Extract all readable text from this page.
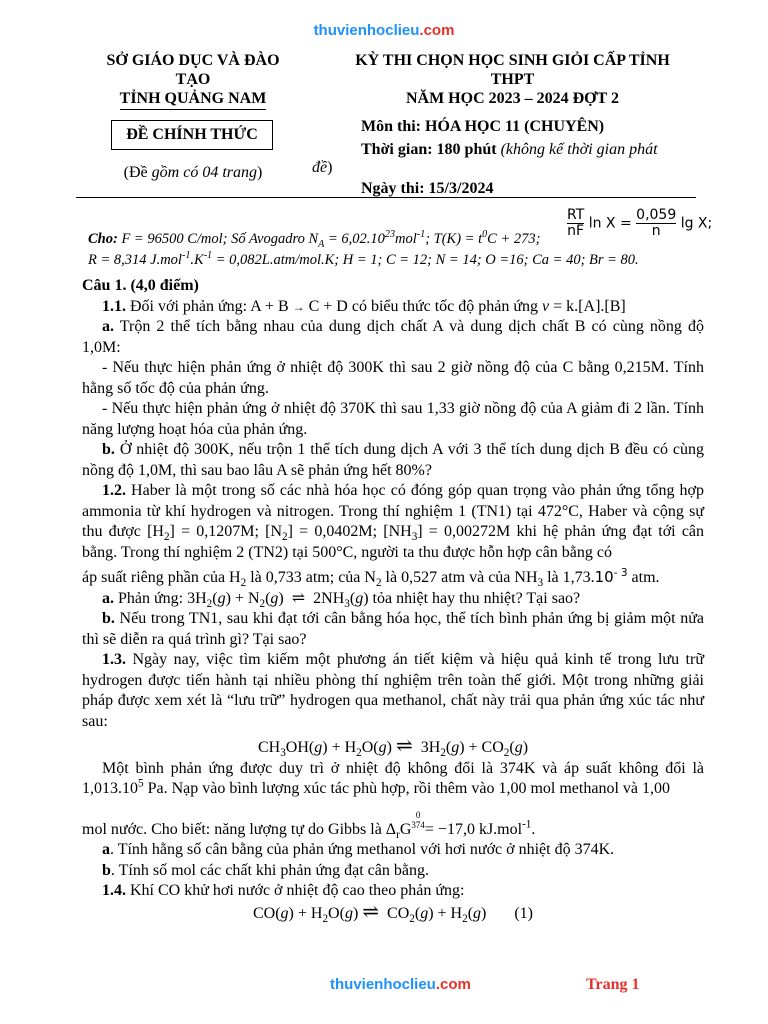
thuvienhoclieu.com
SỞ GIÁO DỤC VÀ ĐÀO
TẠO
TỈNH QUẢNG NAM
ĐỀ CHÍNH THỨC
(Đề gồm có 04 trang)
KỲ THI CHỌN HỌC SINH GIỎI CẤP TỈNH
THPT
NĂM HỌC 2023 – 2024 ĐỢT 2
Môn thi: HÓA HỌC 11 (CHUYÊN)
Thời gian: 180 phút (không kể thời gian phát
đề)
Ngày thi: 15/3/2024
$\frac{RT}{nF}$ $\ln X = \frac{0,059}{n}$ lg X;
Cho: F = 96500 C/mol; Số Avogadro $N_A = 6,02.10^{23}mol^{-1}$; $T(K) = t^0C + 273$;
R = 8,314 $J.mol^{-1}.K^{-1} = 0,082L.atm/mol.K$; H = 1; C = 12; N = 14; O =16; Ca = 40; Br = 80.

Câu 1. (4,0 điểm)

1.1. Đối với phản ứng: A + B → C + D có biểu thức tốc độ phản ứng v = k.[A].[B]

a. Trộn 2 thể tích bằng nhau của dung dịch chất A và dung dịch chất B có cùng nồng độ 1,0M:

- Nếu thực hiện phản ứng ở nhiệt độ 300K thì sau 2 giờ nồng độ của C bằng 0,215M. Tính hằng số tốc độ của phản ứng.

- Nếu thực hiện phản ứng ở nhiệt độ 370K thì sau 1,33 giờ nồng độ của A giảm đi 2 lần. Tính năng lượng hoạt hóa của phản ứng.

b. Ở nhiệt độ 300K, nếu trộn 1 thể tích dung dịch A với 3 thể tích dung dịch B đều có cùng nồng độ 1,0M, thì sau bao lâu A sẽ phản ứng hết 80%?

1.2. Haber là một trong số các nhà hóa học có đóng góp quan trọng vào phản ứng tổng hợp ammonia từ khí hydrogen và nitrogen. Trong thí nghiệm 1 (TN1) tại 472°C, Haber và cộng sự thu được $[H_2] = 0,1207M$; $[N_2] = 0,0402M$; $[NH_3] = 0,00272M$ khi hệ phản ứng đạt tới cân bằng. Trong thí nghiệm 2 (TN2) tại 500°C, người ta thu được hỗn hợp cân bằng có

áp suất riêng phần của $H_2$ là 0,733 atm; của $N_2$ là 0,527 atm và của $NH_3$ là $1,73.10^{- 3}$ atm.

a. Phản ứng: $3H_2(g) + N_2(g)$  ⇌  $2NH_3(g)$ tỏa nhiệt hay thu nhiệt? Tại sao?

b. Nếu trong TN1, sau khi đạt tới cân bằng hóa học, thể tích bình phản ứng bị giảm một nửa thì sẽ diễn ra quá trình gì? Tại sao?

1.3. Ngày nay, việc tìm kiếm một phương án tiết kiệm và hiệu quả kinh tế trong lưu trữ hydrogen được tiến hành tại nhiều phòng thí nghiệm trên toàn thế giới. Một trong những giải pháp được xem xét là “lưu trữ” hydrogen qua methanol, chất này trải qua phản ứng xúc tác như sau:

$CH_3OH(g) + H_2O(g)$ ⇌  $3H_2(g) + CO_2(g)$

Một bình phản ứng được duy trì ở nhiệt độ không đổi là 374K và áp suất không đổi là 1,013.10$^5$ Pa. Nạp vào bình lượng xúc tác phù hợp, rồi thêm vào 1,00 mol methanol và 1,00

mol nước. Cho biết: năng lượng tự do Gibbs là $\Delta_rG0$
374= −17,0 kJ.mol$^{-1}$.

a. Tính hằng số cân bằng của phản ứng methanol với hơi nước ở nhiệt độ 374K.

b. Tính số mol các chất khi phản ứng đạt cân bằng.

1.4. Khí CO khử hơi nước ở nhiệt độ cao theo phản ứng:

$CO(g) + H_2O(g)$ ⇌  $CO_2(g) + H_2(g)$       (1)

thuvienhoclieu.com	Trang 1
